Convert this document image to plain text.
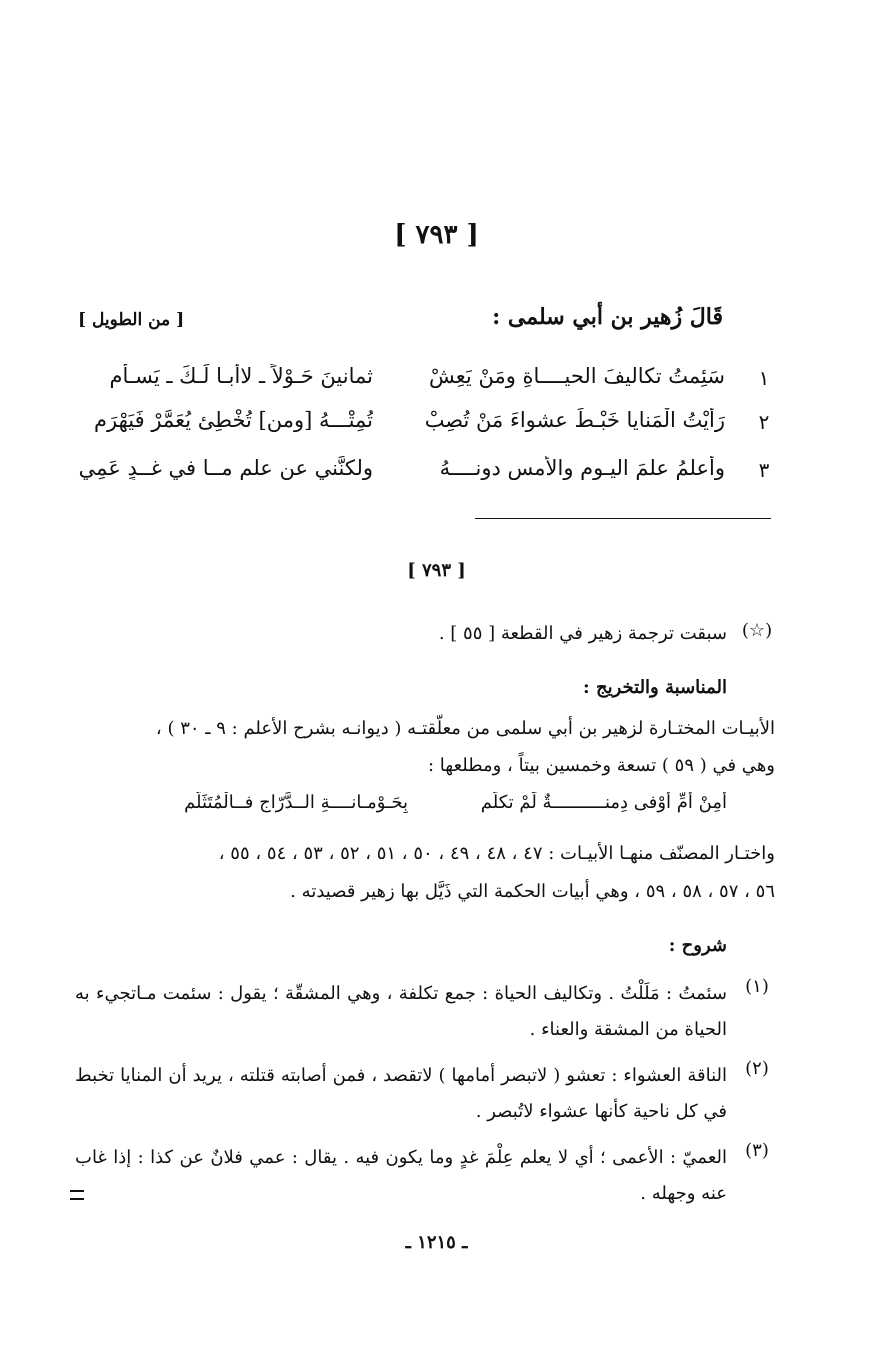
[ ٧٩٣ ]
قَالَ زُهير بن أبي سلمى :
[ من الطويل ]
١
سَئِمتُ تكاليفَ الحيــــاةِ ومَنْ يَعِشْ
ثمانينَ حَـوْلاً ـ لاأَبـا لَـكَ ـ يَسـأَمِ
٢
رَأيْتُ الْمَنايا خَبْـطَ عشواءَ مَنْ تُصِبْ
تُمِتْـــهُ [ومن] تُخْطِئ يُعَمَّرْ فَيَهْرَمِ
٣
وأعلمُ علمَ اليـومِ والأمسِ دونــــهُ
ولكنَّني عن علمِ مــا في غــدٍ عَمِي
[ ٧٩٣ ]
(☆)
سبقت ترجمة زهير في القطعة [ ٥٥ ] .
المناسبة والتخريج :
الأبيـات المختـارة لزهير بن أبي سلمى من معلّقتـه ( ديوانـه بشرح الأعلم : ٩ ـ ٣٠ ) ،
وهي في ( ٥٩ ) تسعة وخمسين بيتاً ، ومطلعها :
أمِنْ أُمِّ أَوْفى دِمنــــــــــةٌ لَمْ تكلَّمِ
بِحَـوْمـانــــةِ الــدَّرّاجِ فــالْمُتَثَلَّمِ
واختـار المصنّف منهـا الأبيـات : ٤٧ ، ٤٨ ، ٤٩ ، ٥٠ ، ٥١ ، ٥٢ ، ٥٣ ، ٥٤ ، ٥٥ ،
٥٦ ، ٥٧ ، ٥٨ ، ٥٩ ، وهي أبيات الحكمة التي ذَيَّل بها زهير قصيدته .
شروح :
(١)
سئمتُ : مَلَلْتُ . وتكاليف الحياة : جمع تكلفة ، وهي المشقّة ؛ يقول : سئمت مـاتجيء به الحياة من المشقة والعناء .
(٢)
الناقة العشواء : تعشو ( لاتبصر أمامها ) لاتقصد ، فمن أصابته قتلته ، يريد أن المنايا تخبط في كل ناحية كأنها عشواء لاتُبصر .
(٣)
العميّ : الأعمى ؛ أي لا يعلم عِلْمَ غدٍ وما يكون فيه . يقال : عمي فلانٌ عن كذا : إذا غاب عنه وجهله .
ـ ١٢١٥ ـ
